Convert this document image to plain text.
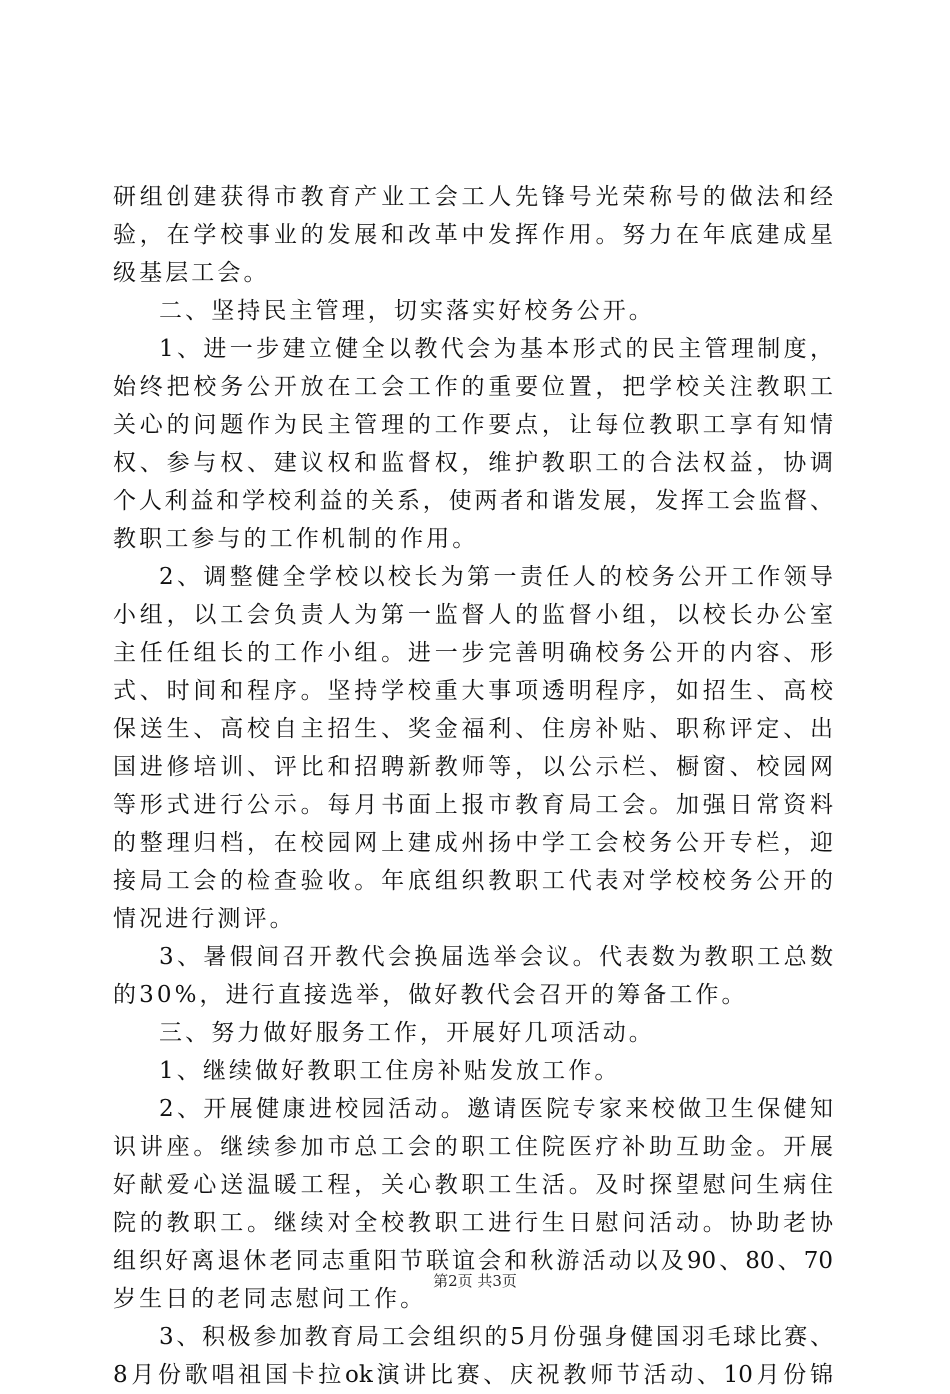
研组创建获得市教育产业工会工人先锋号光荣称号的做法和经
验，在学校事业的发展和改革中发挥作用。努力在年底建成星
级基层工会。
二、坚持民主管理，切实落实好校务公开。
1、进一步建立健全以教代会为基本形式的民主管理制度，
始终把校务公开放在工会工作的重要位置，把学校关注教职工
关心的问题作为民主管理的工作要点，让每位教职工享有知情
权、参与权、建议权和监督权，维护教职工的合法权益，协调
个人利益和学校利益的关系，使两者和谐发展，发挥工会监督、
教职工参与的工作机制的作用。
2、调整健全学校以校长为第一责任人的校务公开工作领导
小组，以工会负责人为第一监督人的监督小组，以校长办公室
主任任组长的工作小组。进一步完善明确校务公开的内容、形
式、时间和程序。坚持学校重大事项透明程序，如招生、高校
保送生、高校自主招生、奖金福利、住房补贴、职称评定、出
国进修培训、评比和招聘新教师等，以公示栏、橱窗、校园网
等形式进行公示。每月书面上报市教育局工会。加强日常资料
的整理归档，在校园网上建成州扬中学工会校务公开专栏，迎
接局工会的检查验收。年底组织教职工代表对学校校务公开的
情况进行测评。
3、暑假间召开教代会换届选举会议。代表数为教职工总数
的30%，进行直接选举，做好教代会召开的筹备工作。
三、努力做好服务工作，开展好几项活动。
1、继续做好教职工住房补贴发放工作。
2、开展健康进校园活动。邀请医院专家来校做卫生保健知
识讲座。继续参加市总工会的职工住院医疗补助互助金。开展
好献爱心送温暖工程，关心教职工生活。及时探望慰问生病住
院的教职工。继续对全校教职工进行生日慰问活动。协助老协
组织好离退休老同志重阳节联谊会和秋游活动以及90、80、70
岁生日的老同志慰问工作。
3、积极参加教育局工会组织的5月份强身健国羽毛球比赛、
8月份歌唱祖国卡拉ok演讲比赛、庆祝教师节活动、10月份锦
第2页 共3页
